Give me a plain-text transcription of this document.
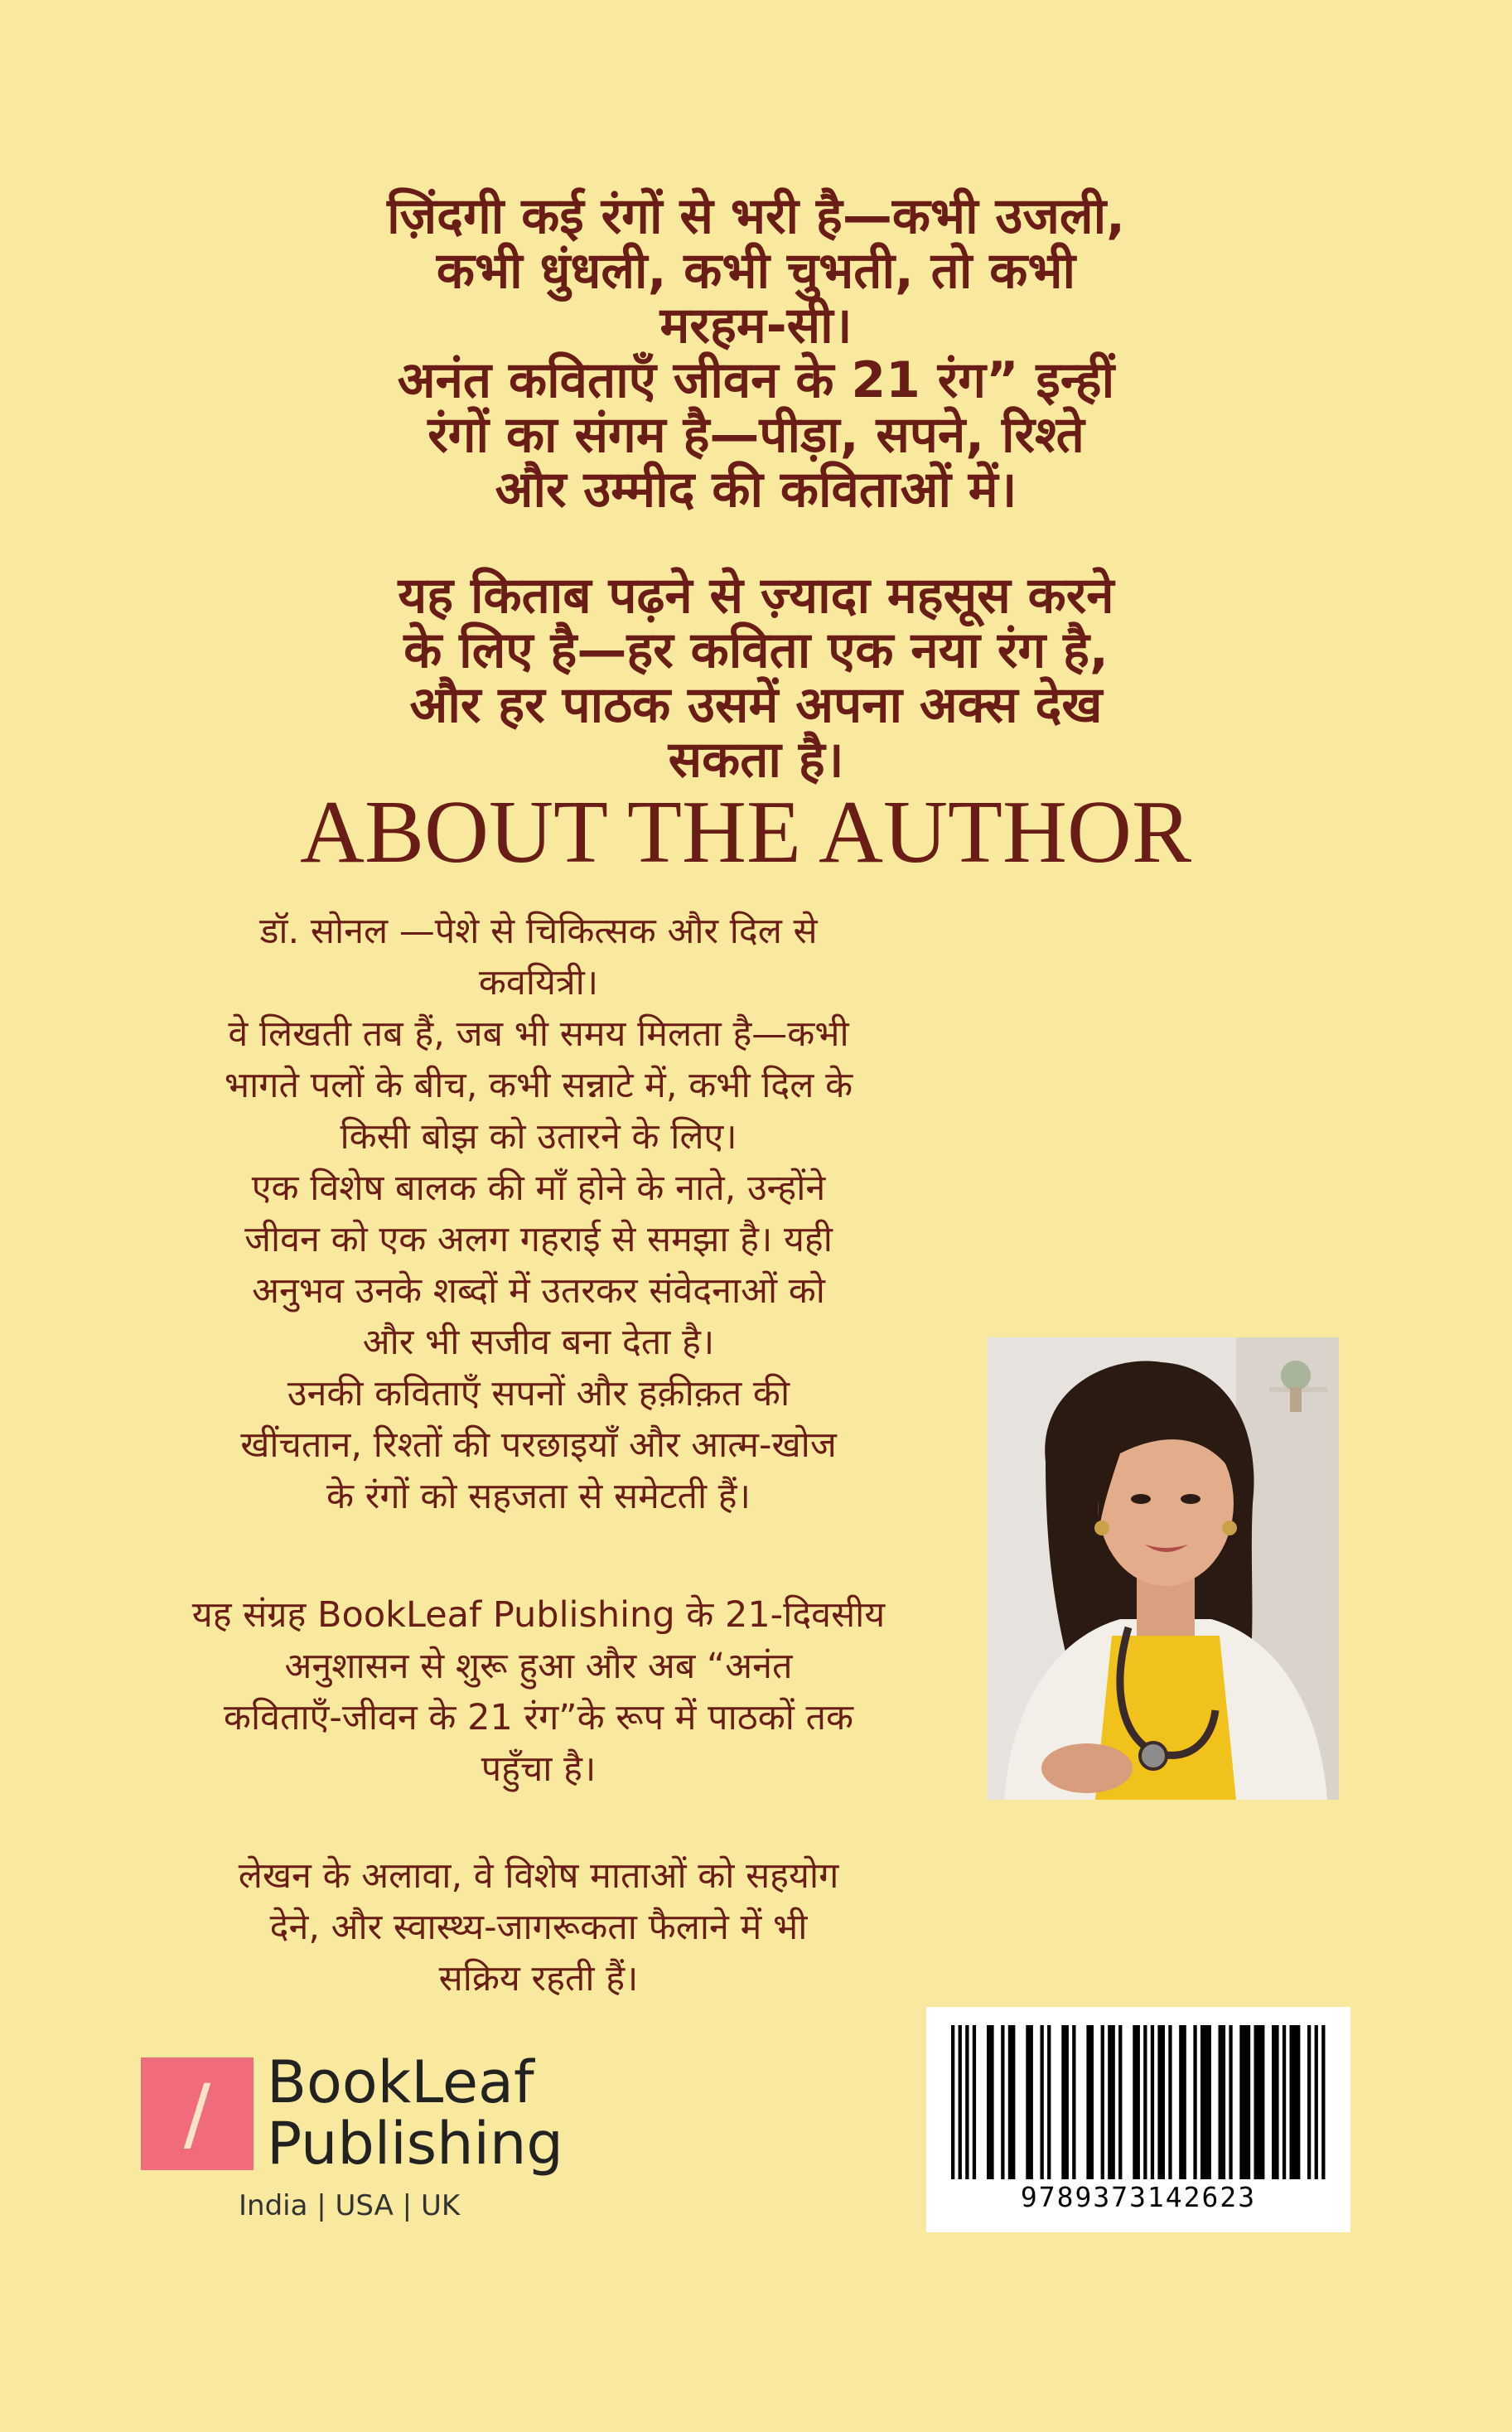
ज़िंदगी कई रंगों से भरी है—कभी उजली,
कभी धुंधली, कभी चुभती, तो कभी
मरहम-सी।
अनंत कविताएँ जीवन के 21 रंग” इन्हीं
रंगों का संगम है—पीड़ा, सपने, रिश्ते
और उम्मीद की कविताओं में।
यह किताब पढ़ने से ज़्यादा महसूस करने
के लिए है—हर कविता एक नया रंग है,
और हर पाठक उसमें अपना अक्स देख
सकता है।
ABOUT THE AUTHOR
डॉ. सोनल —पेशे से चिकित्सक और दिल से
कवयित्री।
वे लिखती तब हैं, जब भी समय मिलता है—कभी
भागते पलों के बीच, कभी सन्नाटे में, कभी दिल के
किसी बोझ को उतारने के लिए।
एक विशेष बालक की माँ होने के नाते, उन्होंने
जीवन को एक अलग गहराई से समझा है। यही
अनुभव उनके शब्दों में उतरकर संवेदनाओं को
और भी सजीव बना देता है।
उनकी कविताएँ सपनों और हक़ीक़त की
खींचतान, रिश्तों की परछाइयाँ और आत्म-खोज
के रंगों को सहजता से समेटती हैं।
यह संग्रह BookLeaf Publishing के 21-दिवसीय
अनुशासन से शुरू हुआ और अब “अनंत
कविताएँ-जीवन के 21 रंग”के रूप में पाठकों तक
पहुँचा है।
लेखन के अलावा, वे विशेष माताओं को सहयोग
देने, और स्वास्थ्य-जागरूकता फैलाने में भी
सक्रिय रहती हैं।
/ BookLeaf
Publishing
India | USA | UK	9789373142623
